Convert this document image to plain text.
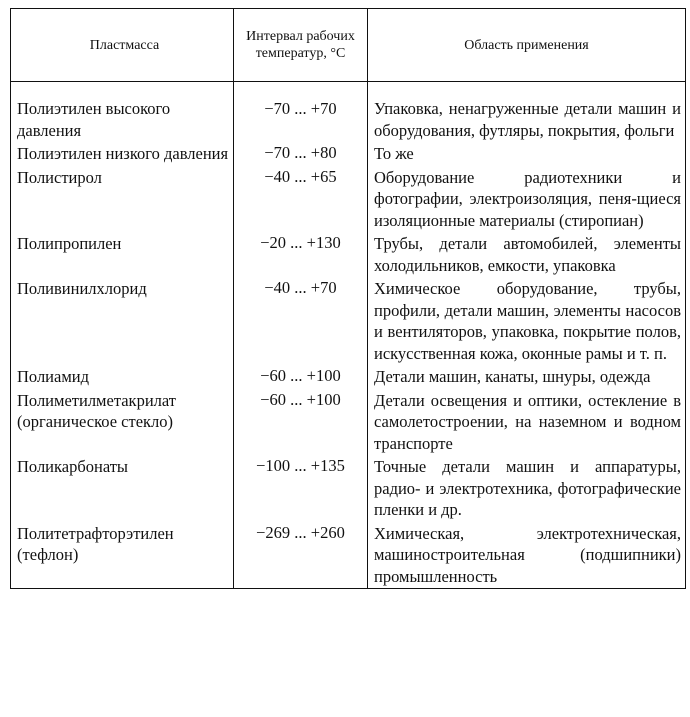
Пластмасса	Интервал рабочих температур, °С	Область применения
Полиэтилен высокого давления	−70 ... +70	Упаковка, ненагруженные детали машин и оборудования, футляры, покрытия, фольги
Полиэтилен низкого давления	−70 ... +80	То же
Полистирол	−40 ... +65	Оборудование радиотехники и фотографии, электроизоляция, пеня-щиеся изоляционные материалы (стиропиан)
Полипропилен	−20 ... +130	Трубы, детали автомобилей, элементы холодильников, емкости, упаковка
Поливинилхлорид	−40 ... +70	Химическое оборудование, трубы, профили, детали машин, элементы насосов и вентиляторов, упаковка, покрытие полов, искусственная кожа, оконные рамы и т. п.
Полиамид	−60 ... +100	Детали машин, канаты, шнуры, одежда
Полиметилметакрилат (органическое стекло)	−60 ... +100	Детали освещения и оптики, остекление в самолетостроении, на наземном и водном транспорте
Поликарбонаты	−100 ... +135	Точные детали машин и аппаратуры, радио- и электротехника, фотографические пленки и др.
Политетрафторэтилен (тефлон)	−269 ... +260	Химическая, электротехническая, машиностроительная (подшипники) промышленность
